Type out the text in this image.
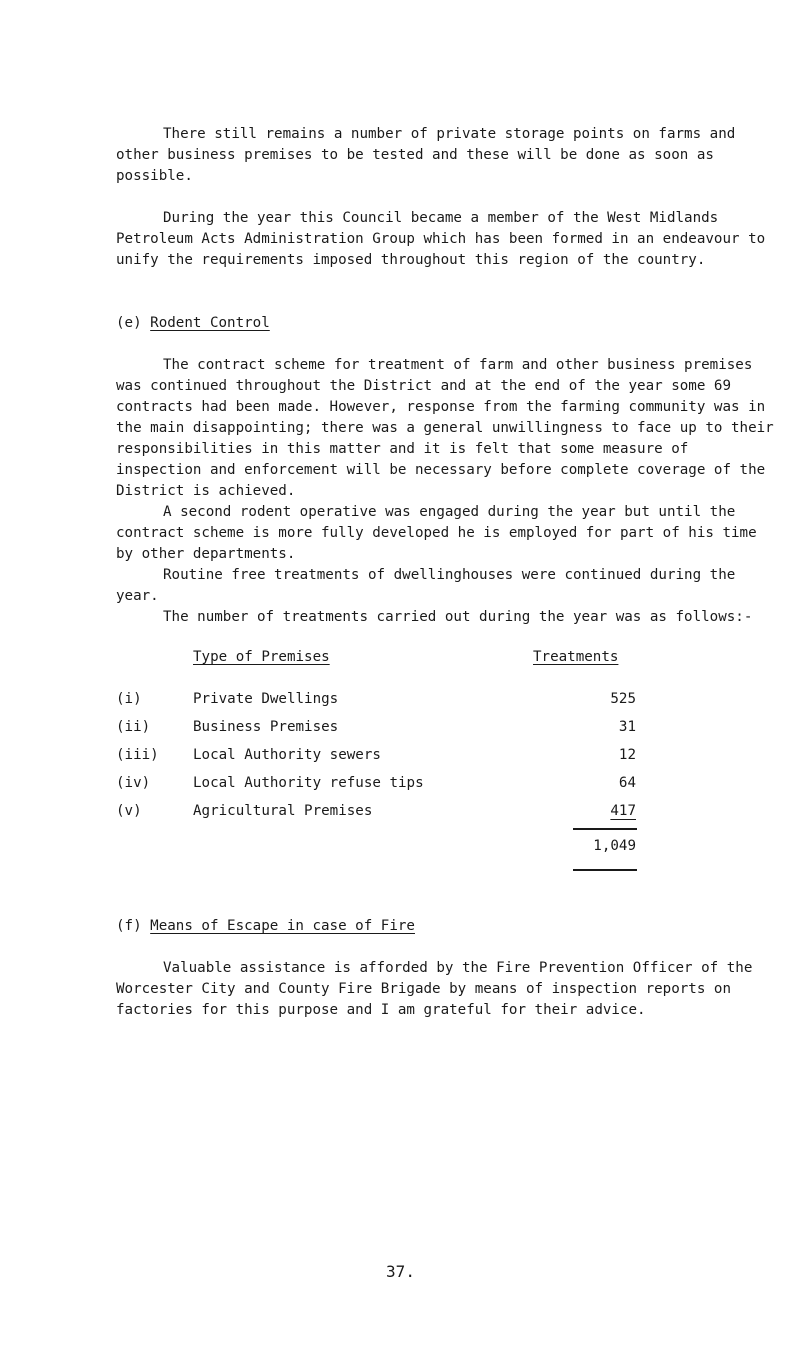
There still remains a number of private storage points on farms and other business premises to be tested and these will be done as soon as possible.

During the year this Council became a member of the West Midlands Petroleum Acts Administration Group which has been formed in an endeavour to unify the requirements imposed throughout this region of the country.

(e) Rodent Control

The contract scheme for treatment of farm and other business premises was continued throughout the District and at the end of the year some 69 contracts had been made. However, response from the farming community was in the main disappointing; there was a general unwillingness to face up to their responsibilities in this matter and it is felt that some measure of inspection and enforcement will be necessary before complete coverage of the District is achieved.

A second rodent operative was engaged during the year but until the contract scheme is more fully developed he is employed for part of his time by other departments.

Routine free treatments of dwellinghouses were continued during the year.

The number of treatments carried out during the year was as follows:-

Type of Premises	Treatments

(i)	Private Dwellings	525
(ii)	Business Premises	31
(iii) Local Authority sewers	12
(iv)	Local Authority refuse tips	64
(v)	Agricultural Premises	417
1,049

(f) Means of Escape in case of Fire

Valuable assistance is afforded by the Fire Prevention Officer of the Worcester City and County Fire Brigade by means of inspection reports on factories for this purpose and I am grateful for their advice.

37.
